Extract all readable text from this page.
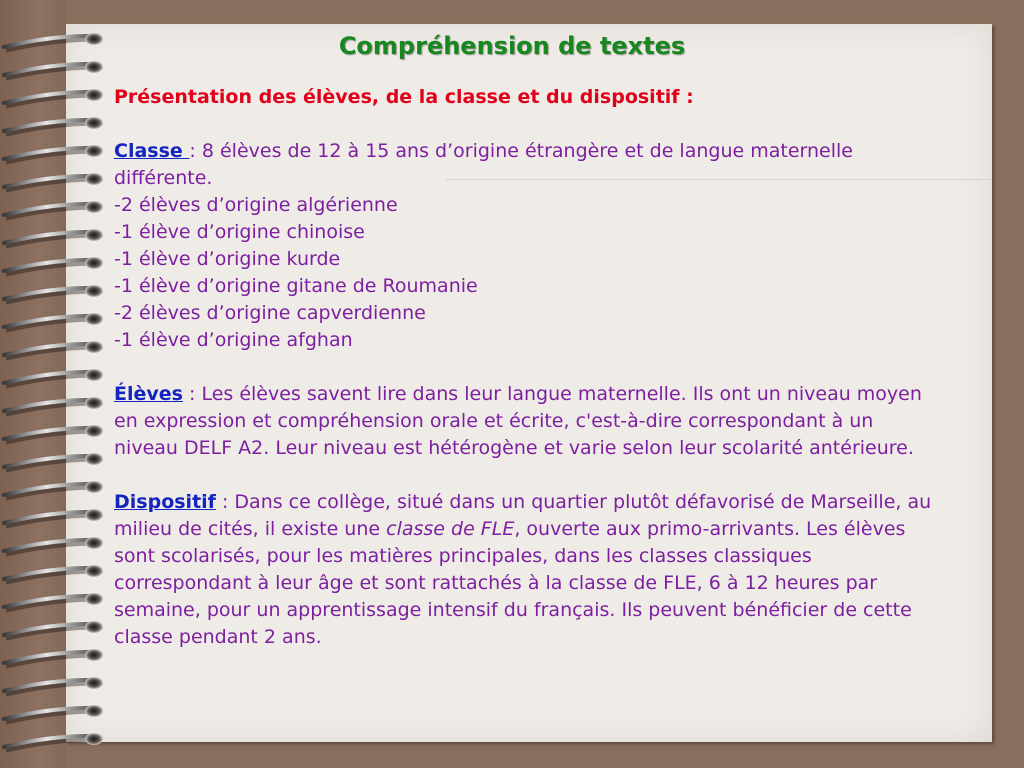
Compréhension de textes

Présentation des élèves, de la classe et du dispositif :

Classe : 8 élèves de 12 à 15 ans d’origine étrangère et de langue maternelle différente.

-2 élèves d’origine algérienne

-1 élève d’origine chinoise

-1 élève d’origine kurde

-1 élève d’origine gitane de Roumanie

-2 élèves d’origine capverdienne

-1 élève d’origine afghan

Élèves : Les élèves savent lire dans leur langue maternelle. Ils ont un niveau moyen en expression et compréhension orale et écrite, c'est-à-dire correspondant à un niveau DELF A2. Leur niveau est hétérogène et varie selon leur scolarité antérieure.

Dispositif : Dans ce collège, situé dans un quartier plutôt défavorisé de Marseille, au milieu de cités, il existe une classe de FLE, ouverte aux primo-arrivants. Les élèves sont scolarisés, pour les matières principales, dans les classes classiques correspondant à leur âge et sont rattachés à la classe de FLE, 6 à 12 heures par semaine, pour un apprentissage intensif du français. Ils peuvent bénéficier de cette classe pendant 2 ans.
